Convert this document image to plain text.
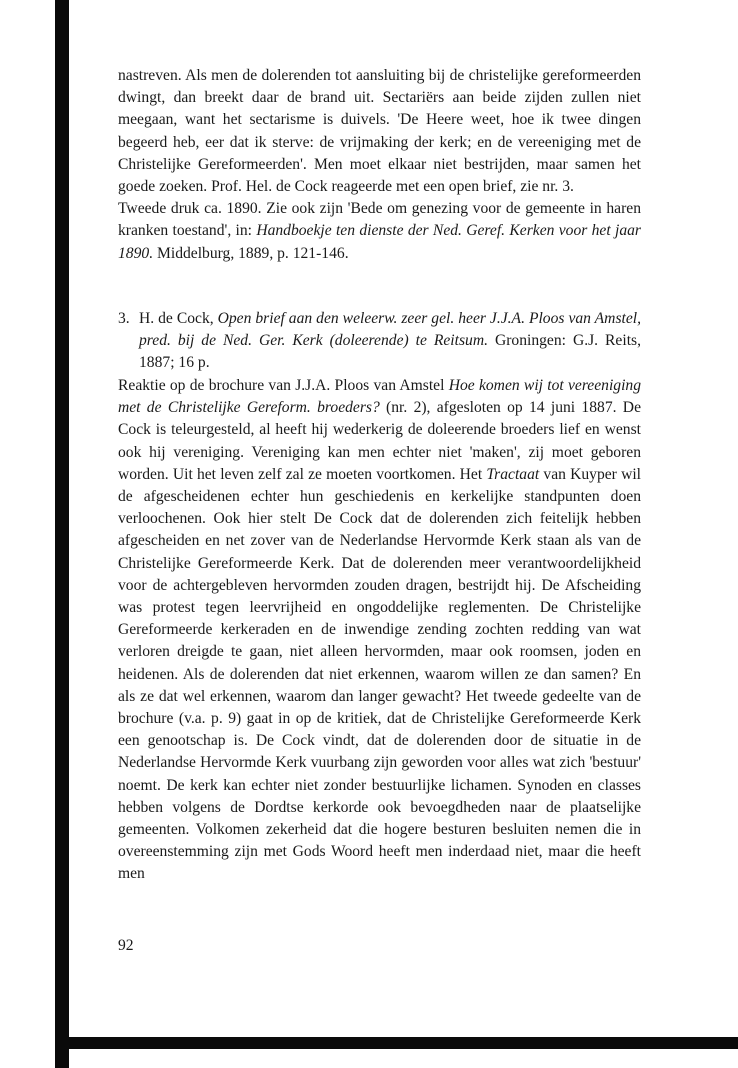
nastreven. Als men de dolerenden tot aansluiting bij de christelijke gereformeerden dwingt, dan breekt daar de brand uit. Sectariërs aan beide zijden zullen niet meegaan, want het sectarisme is duivels. 'De Heere weet, hoe ik twee dingen begeerd heb, eer dat ik sterve: de vrijmaking der kerk; en de vereeniging met de Christelijke Gereformeerden'. Men moet elkaar niet bestrijden, maar samen het goede zoeken. Prof. Hel. de Cock reageerde met een open brief, zie nr. 3.
Tweede druk ca. 1890. Zie ook zijn 'Bede om genezing voor de gemeente in haren kranken toestand', in: Handboekje ten dienste der Ned. Geref. Kerken voor het jaar 1890. Middelburg, 1889, p. 121-146.

3. H. de Cock, Open brief aan den weleerw. zeer gel. heer J.J.A. Ploos van Amstel, pred. bij de Ned. Ger. Kerk (doleerende) te Reitsum. Groningen: G.J. Reits, 1887; 16 p.

Reaktie op de brochure van J.J.A. Ploos van Amstel Hoe komen wij tot vereeniging met de Christelijke Gereform. broeders? (nr. 2), afgesloten op 14 juni 1887. De Cock is teleurgesteld, al heeft hij wederkerig de doleerende broeders lief en wenst ook hij vereniging. Vereniging kan men echter niet 'maken', zij moet geboren worden. Uit het leven zelf zal ze moeten voortkomen. Het Tractaat van Kuyper wil de afgescheidenen echter hun geschiedenis en kerkelijke standpunten doen verloochenen. Ook hier stelt De Cock dat de dolerenden zich feitelijk hebben afgescheiden en net zover van de Nederlandse Hervormde Kerk staan als van de Christelijke Gereformeerde Kerk. Dat de dolerenden meer verantwoordelijkheid voor de achtergebleven hervormden zouden dragen, bestrijdt hij. De Afscheiding was protest tegen leervrijheid en ongoddelijke reglementen. De Christelijke Gereformeerde kerkeraden en de inwendige zending zochten redding van wat verloren dreigde te gaan, niet alleen hervormden, maar ook roomsen, joden en heidenen. Als de dolerenden dat niet erkennen, waarom willen ze dan samen? En als ze dat wel erkennen, waarom dan langer gewacht? Het tweede gedeelte van de brochure (v.a. p. 9) gaat in op de kritiek, dat de Christelijke Gereformeerde Kerk een genootschap is. De Cock vindt, dat de dolerenden door de situatie in de Nederlandse Hervormde Kerk vuurbang zijn geworden voor alles wat zich 'bestuur' noemt. De kerk kan echter niet zonder bestuurlijke lichamen. Synoden en classes hebben volgens de Dordtse kerkorde ook bevoegdheden naar de plaatselijke gemeenten. Volkomen zekerheid dat die hogere besturen besluiten nemen die in overeenstemming zijn met Gods Woord heeft men inderdaad niet, maar die heeft men

92
